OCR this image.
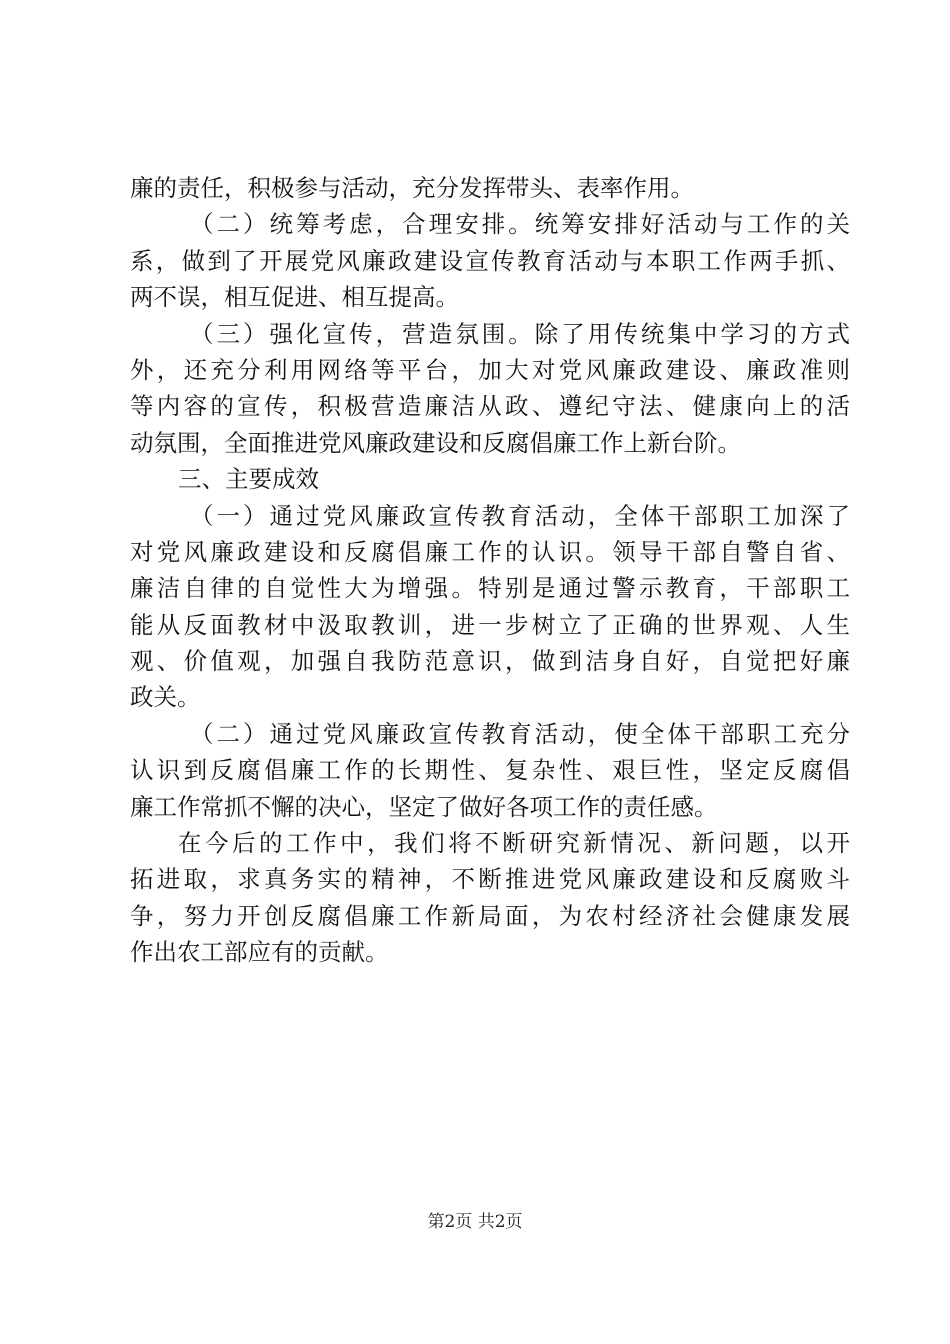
廉的责任，积极参与活动，充分发挥带头、表率作用。
（二）统筹考虑，合理安排。统筹安排好活动与工作的关
系，做到了开展党风廉政建设宣传教育活动与本职工作两手抓、
两不误，相互促进、相互提高。
（三）强化宣传，营造氛围。除了用传统集中学习的方式
外，还充分利用网络等平台，加大对党风廉政建设、廉政准则
等内容的宣传，积极营造廉洁从政、遵纪守法、健康向上的活
动氛围，全面推进党风廉政建设和反腐倡廉工作上新台阶。
三、主要成效
（一）通过党风廉政宣传教育活动，全体干部职工加深了
对党风廉政建设和反腐倡廉工作的认识。领导干部自警自省、
廉洁自律的自觉性大为增强。特别是通过警示教育，干部职工
能从反面教材中汲取教训，进一步树立了正确的世界观、人生
观、价值观，加强自我防范意识，做到洁身自好，自觉把好廉
政关。
（二）通过党风廉政宣传教育活动，使全体干部职工充分
认识到反腐倡廉工作的长期性、复杂性、艰巨性，坚定反腐倡
廉工作常抓不懈的决心，坚定了做好各项工作的责任感。
在今后的工作中，我们将不断研究新情况、新问题，以开
拓进取，求真务实的精神，不断推进党风廉政建设和反腐败斗
争，努力开创反腐倡廉工作新局面，为农村经济社会健康发展
作出农工部应有的贡献。
第2页 共2页
